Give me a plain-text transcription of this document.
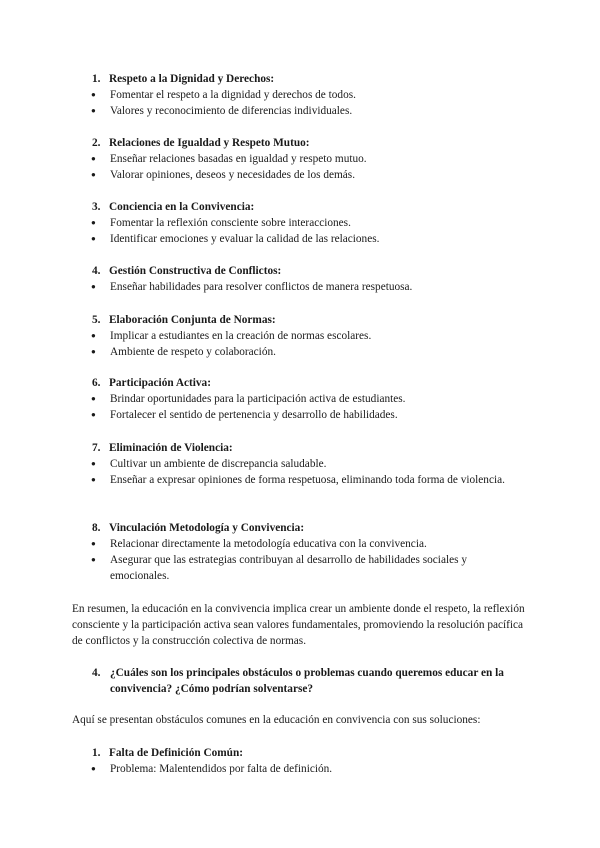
1. Respeto a la Dignidad y Derechos:
● Fomentar el respeto a la dignidad y derechos de todos.
● Valores y reconocimiento de diferencias individuales.
2. Relaciones de Igualdad y Respeto Mutuo:
● Enseñar relaciones basadas en igualdad y respeto mutuo.
● Valorar opiniones, deseos y necesidades de los demás.
3. Conciencia en la Convivencia:
● Fomentar la reflexión consciente sobre interacciones.
● Identificar emociones y evaluar la calidad de las relaciones.
4. Gestión Constructiva de Conflictos:
● Enseñar habilidades para resolver conflictos de manera respetuosa.
5. Elaboración Conjunta de Normas:
● Implicar a estudiantes en la creación de normas escolares.
● Ambiente de respeto y colaboración.
6. Participación Activa:
● Brindar oportunidades para la participación activa de estudiantes.
● Fortalecer el sentido de pertenencia y desarrollo de habilidades.
7. Eliminación de Violencia:
● Cultivar un ambiente de discrepancia saludable.
● Enseñar a expresar opiniones de forma respetuosa, eliminando toda forma de violencia.
8. Vinculación Metodología y Convivencia:
● Relacionar directamente la metodología educativa con la convivencia.
● Asegurar que las estrategias contribuyan al desarrollo de habilidades sociales y emocionales.
En resumen, la educación en la convivencia implica crear un ambiente donde el respeto, la reflexión consciente y la participación activa sean valores fundamentales, promoviendo la resolución pacífica de conflictos y la construcción colectiva de normas.
4. ¿Cuáles son los principales obstáculos o problemas cuando queremos educar en la convivencia? ¿Cómo podrían solventarse?
Aquí se presentan obstáculos comunes en la educación en convivencia con sus soluciones:
1. Falta de Definición Común:
● Problema: Malentendidos por falta de definición.
